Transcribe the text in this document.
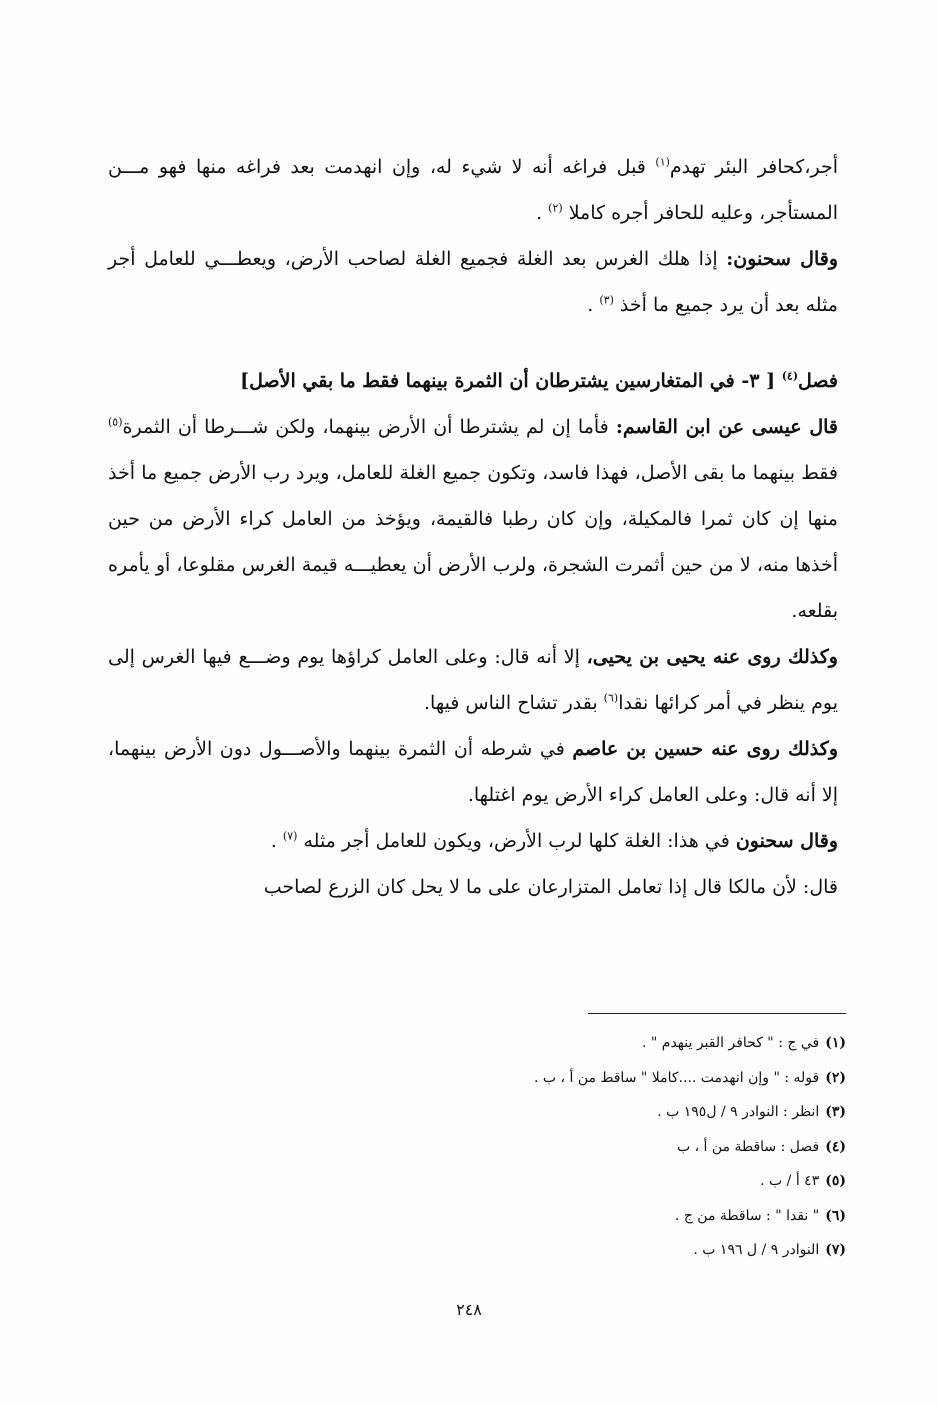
أجر،كحافر البئر تهدم$^{(١)}$ قبل فراغه أنه لا شيء له، وإن انهدمت بعد فراغه منها فهو مـــن المستأجر، وعليه للحافر أجره كاملا $^{(٢)}$ .

وقال سحنون: إذا هلك الغرس بعد الغلة فجميع الغلة لصاحب الأرض، ويعطـــي للعامل أجر مثله بعد أن يرد جميع ما أخذ $^{(٣)}$ .

فصل$^{(٤)}$ [ ٣- في المتغارسين يشترطان أن الثمرة بينهما فقط ما بقي الأصل]

قال عيسى عن ابن القاسم: فأما إن لم يشترطا أن الأرض بينهما، ولكن شـــرطا أن الثمرة$^{(٥)}$ فقط بينهما ما بقى الأصل، فهذا فاسد، وتكون جميع الغلة للعامل، ويرد رب الأرض جميع ما أخذ منها إن كان ثمرا فالمكيلة، وإن كان رطبا فالقيمة، ويؤخذ من العامل كراء الأرض من حين أخذها منه، لا من حين أثمرت الشجرة، ولرب الأرض أن يعطيـــه قيمة الغرس مقلوعا، أو يأمره بقلعه.

وكذلك روى عنه يحيى بن يحيى، إلا أنه قال: وعلى العامل كراؤها يوم وضـــع فيها الغرس إلى يوم ينظر في أمر كرائها نقدا$^{(٦)}$ بقدر تشاح الناس فيها.

وكذلك روى عنه حسين بن عاصم في شرطه أن الثمرة بينهما والأصـــول دون الأرض بينهما، إلا أنه قال: وعلى العامل كراء الأرض يوم اغتلها.

وقال سحنون في هذا: الغلة كلها لرب الأرض، ويكون للعامل أجر مثله $^{(٧)}$ .

قال: لأن مالكا قال إذا تعامل المتزارعان على ما لا يحل كان الزرع لصاحب

(١)في ج : " كحافر القبر ينهدم " .

(٢)قوله : " وإن انهدمت ....كاملا " ساقط من أ ، ب .

(٣)انظر : النوادر ٩ / ل١٩٥ ب .

(٤)فصل : ساقطة من أ ، ب

(٥)٤٣ أ / ب .

(٦)" نقدا " : ساقطة من ج .

(٧)النوادر ٩ / ل ١٩٦ ب .

٢٤٨
